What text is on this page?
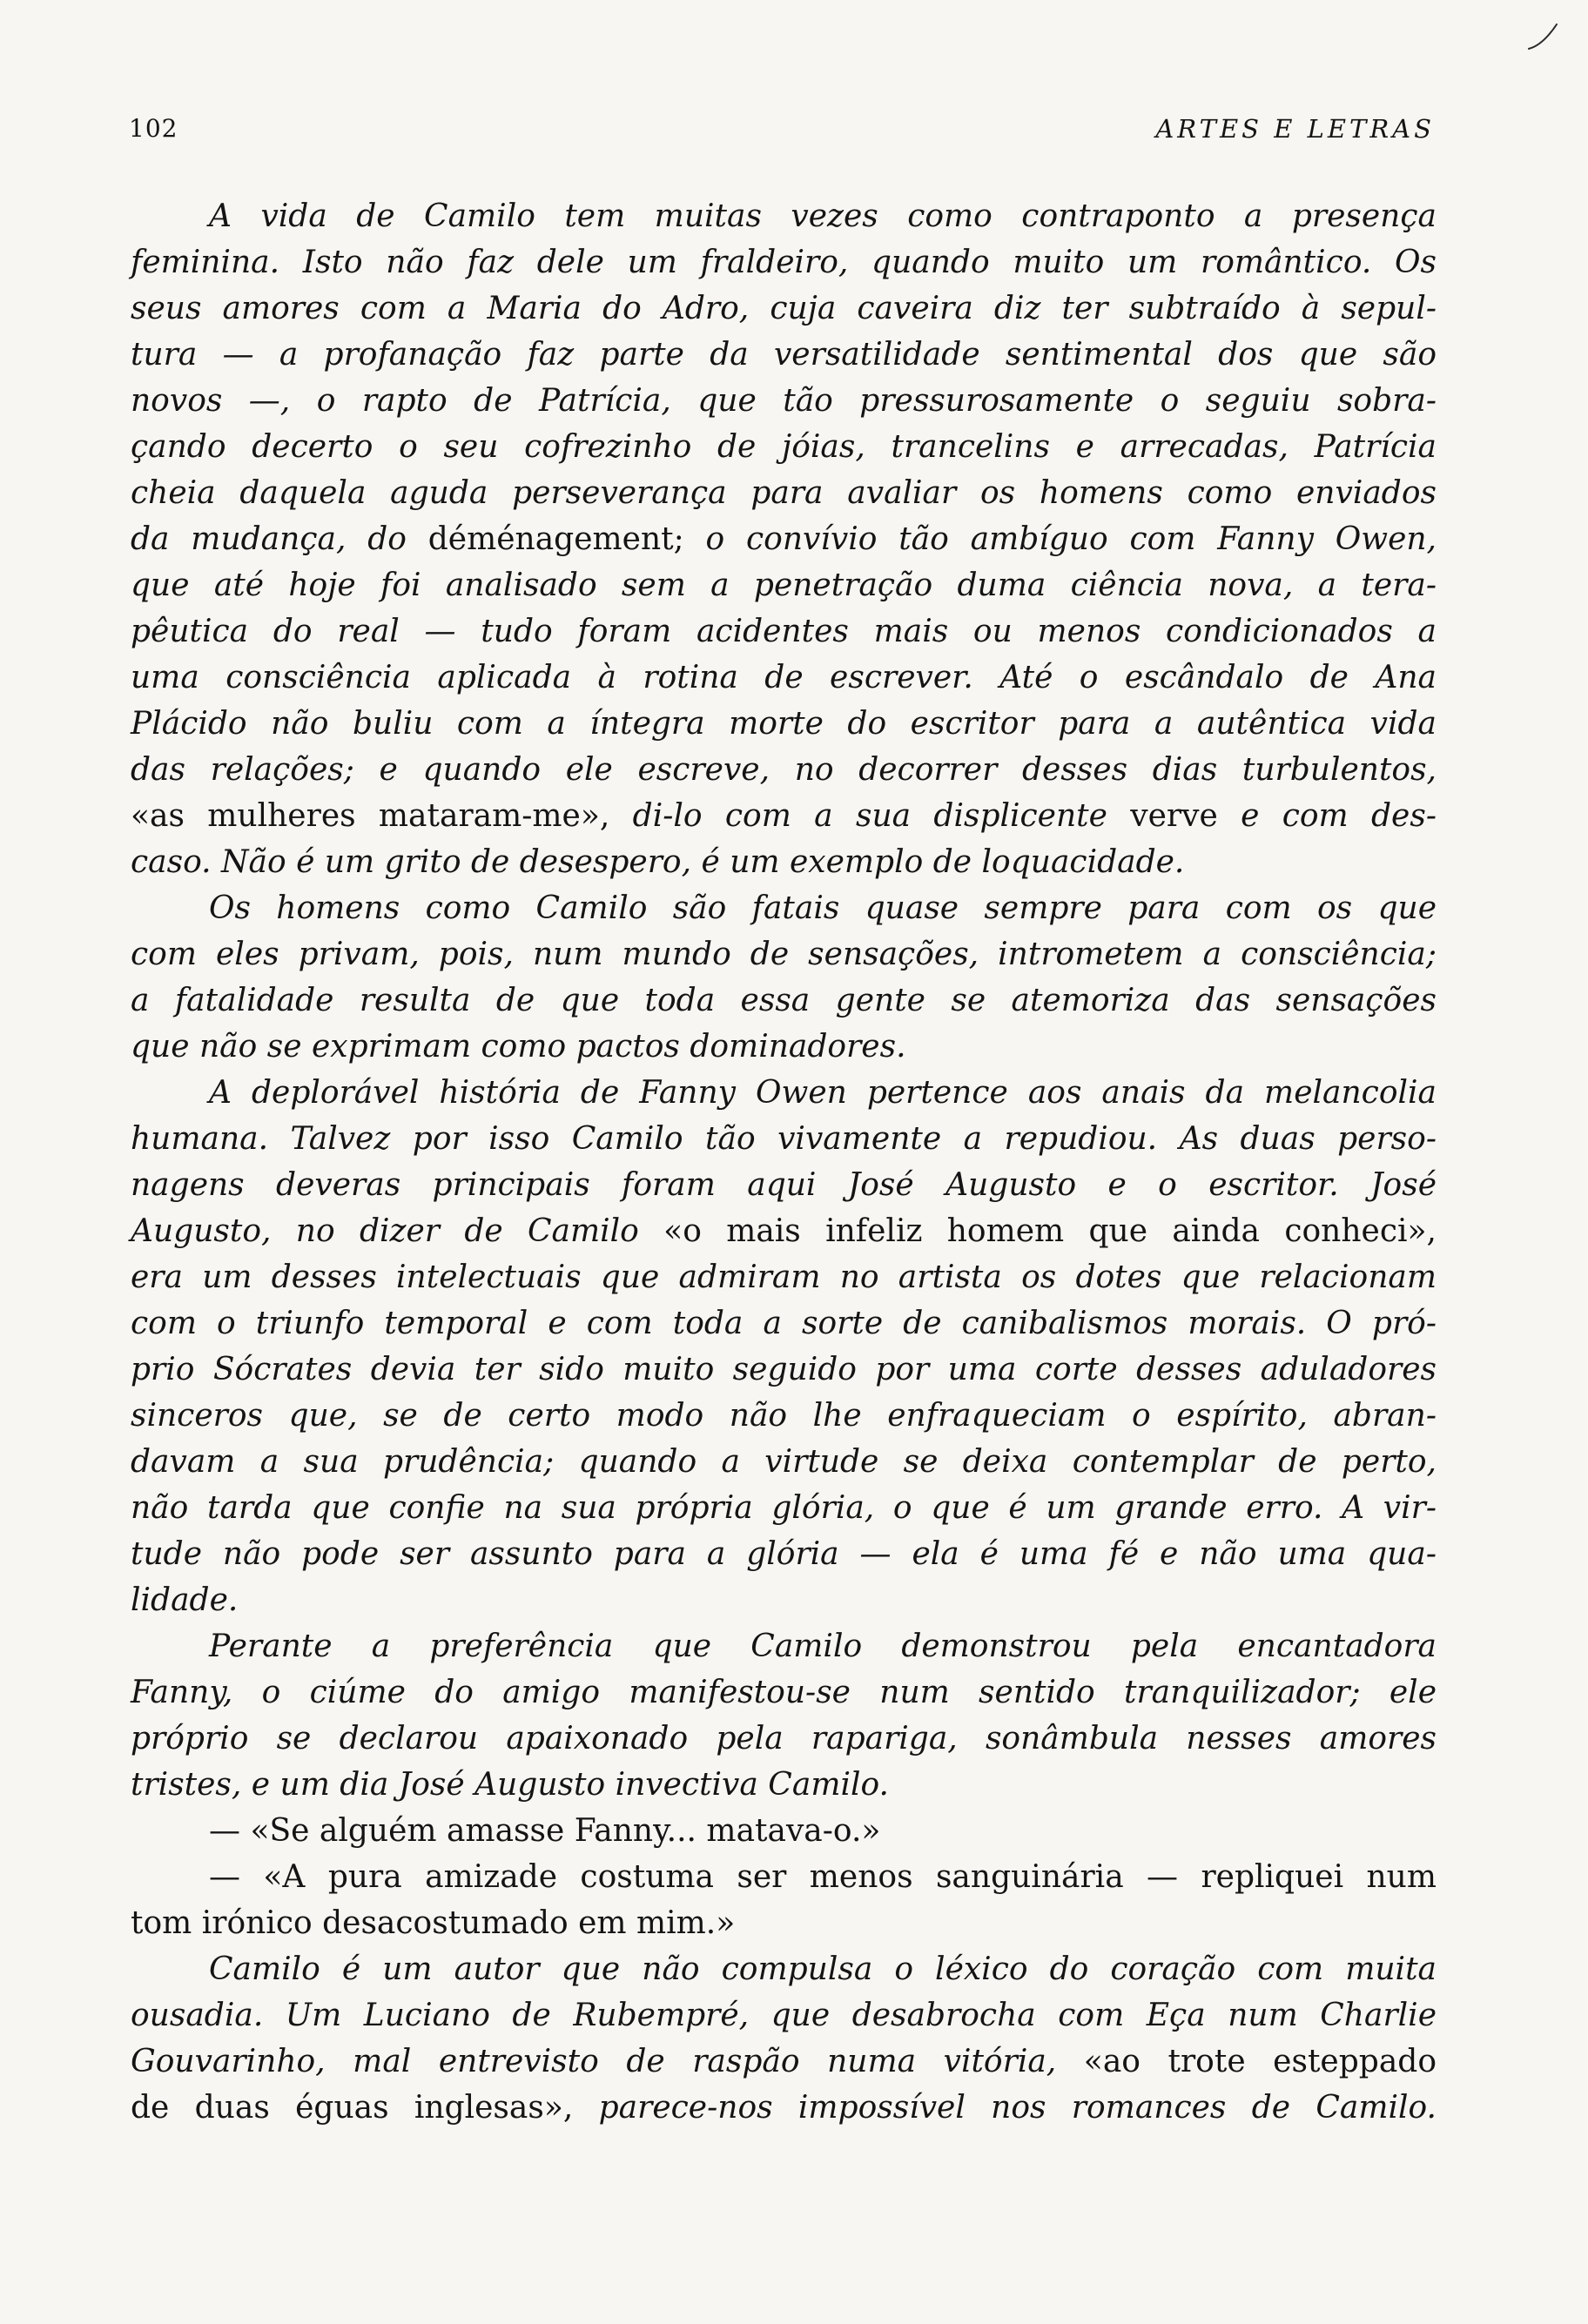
102	ARTES E LETRAS
A vida de Camilo tem muitas vezes como contraponto a presença
feminina. Isto não faz dele um fraldeiro, quando muito um romântico. Os
seus amores com a Maria do Adro, cuja caveira diz ter subtraído à sepul-
tura — a profanação faz parte da versatilidade sentimental dos que são
novos —, o rapto de Patrícia, que tão pressurosamente o seguiu sobra-
çando decerto o seu cofrezinho de jóias, trancelins e arrecadas, Patrícia
cheia daquela aguda perseverança para avaliar os homens como enviados
da mudança, do déménagement; o convívio tão ambíguo com Fanny Owen,
que até hoje foi analisado sem a penetração duma ciência nova, a tera-
pêutica do real — tudo foram acidentes mais ou menos condicionados a
uma consciência aplicada à rotina de escrever. Até o escândalo de Ana
Plácido não buliu com a íntegra morte do escritor para a autêntica vida
das relações; e quando ele escreve, no decorrer desses dias turbulentos,
«as mulheres mataram-me», di-lo com a sua displicente verve e com des-
caso. Não é um grito de desespero, é um exemplo de loquacidade.
Os homens como Camilo são fatais quase sempre para com os que
com eles privam, pois, num mundo de sensações, intrometem a consciência;
a fatalidade resulta de que toda essa gente se atemoriza das sensações
que não se exprimam como pactos dominadores.
A deplorável história de Fanny Owen pertence aos anais da melancolia
humana. Talvez por isso Camilo tão vivamente a repudiou. As duas perso-
nagens deveras principais foram aqui José Augusto e o escritor. José
Augusto, no dizer de Camilo «o mais infeliz homem que ainda conheci»,
era um desses intelectuais que admiram no artista os dotes que relacionam
com o triunfo temporal e com toda a sorte de canibalismos morais. O pró-
prio Sócrates devia ter sido muito seguido por uma corte desses aduladores
sinceros que, se de certo modo não lhe enfraqueciam o espírito, abran-
davam a sua prudência; quando a virtude se deixa contemplar de perto,
não tarda que confie na sua própria glória, o que é um grande erro. A vir-
tude não pode ser assunto para a glória — ela é uma fé e não uma qua-
lidade.
Perante a preferência que Camilo demonstrou pela encantadora
Fanny, o ciúme do amigo manifestou-se num sentido tranquilizador; ele
próprio se declarou apaixonado pela rapariga, sonâmbula nesses amores
tristes, e um dia José Augusto invectiva Camilo.
— «Se alguém amasse Fanny... matava-o.»
— «A pura amizade costuma ser menos sanguinária — repliquei num
tom irónico desacostumado em mim.»
Camilo é um autor que não compulsa o léxico do coração com muita
ousadia. Um Luciano de Rubempré, que desabrocha com Eça num Charlie
Gouvarinho, mal entrevisto de raspão numa vitória, «ao trote esteppado
de duas éguas inglesas», parece-nos impossível nos romances de Camilo.
